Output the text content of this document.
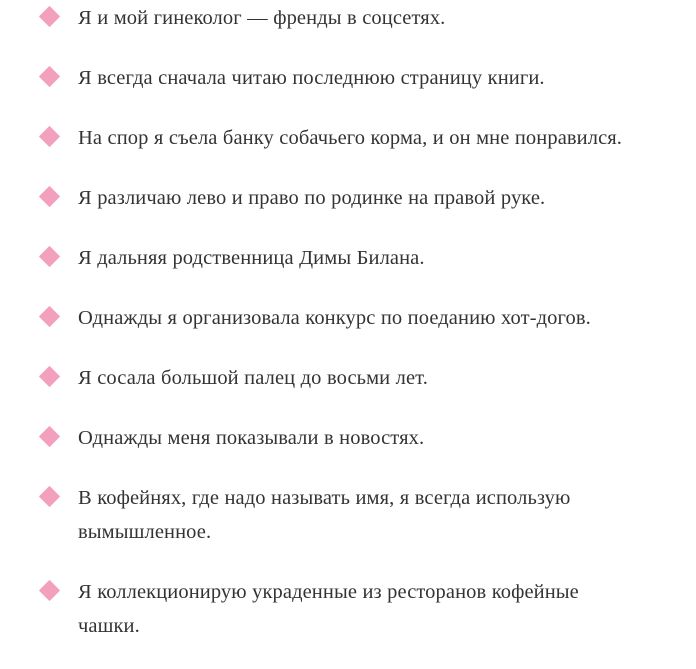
Я и мой гинеколог — френды в соцсетях.
Я всегда сначала читаю последнюю страницу книги.
На спор я съела банку собачьего корма, и он мне понравился.
Я различаю лево и право по родинке на правой руке.
Я дальняя родственница Димы Билана.
Однажды я организовала конкурс по поеданию хот-догов.
Я сосала большой палец до восьми лет.
Однажды меня показывали в новостях.
В кофейнях, где надо называть имя, я всегда использую вымышленное.
Я коллекционирую украденные из ресторанов кофейные чашки.
